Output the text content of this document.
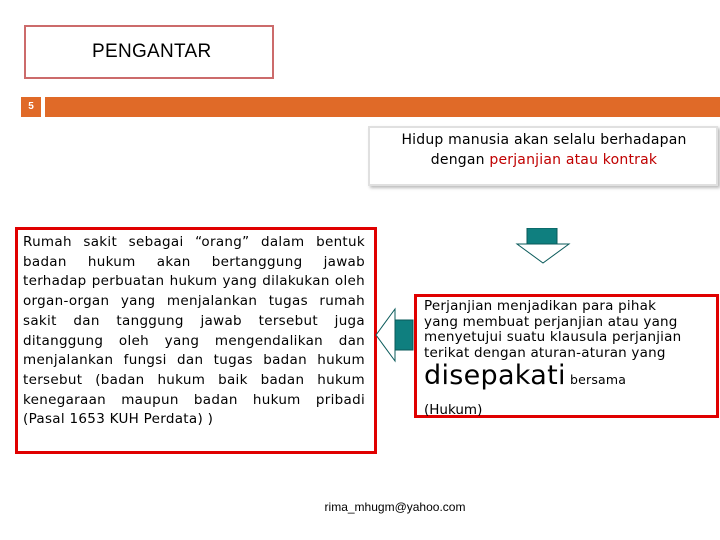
PENGANTAR
5
Hidup manusia akan selalu berhadapan
dengan perjanjian atau kontrak
Rumah sakit sebagai “orang” dalam bentuk badan hukum akan bertanggung jawab terhadap perbuatan hukum yang dilakukan oleh organ-organ yang menjalankan tugas rumah sakit dan tanggung jawab tersebut juga ditanggung oleh yang mengendalikan dan menjalankan fungsi dan tugas badan hukum tersebut (badan hukum baik badan hukum kenegaraan maupun badan hukum pribadi (Pasal 1653 KUH Perdata) )
Perjanjian menjadikan para pihak
yang membuat perjanjian atau yang
menyetujui suatu klausula perjanjian
terikat dengan aturan-aturan yang
disepakati bersama
(Hukum)
rima_mhugm@yahoo.com
